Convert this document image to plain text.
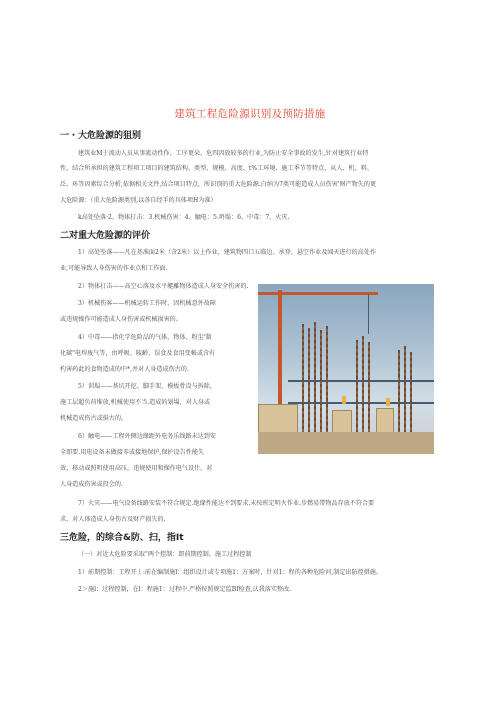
建筑工程危险源识别及预防措施
一・大危险源的狙别
建筑业M于流动人员从事流动性作、工序更朵、危四因放较多的行业,为防止安全事故的发生,针对建筑行业特
性，结合所承担的建筑工程项工项目的建筑结构、类型、规模、高度、t%工环境、施工季节等特点，从人、机、料、
泛、环等因素综合分析,依据相关文件,结合项目特点，所识别的重大危险源.白纳为7类可能造成人员伤害'财产物失的更
大危险源：（重大危险源类别,以各自经手的具体项H为准）
k高处坠落·2、物体打击：3.机械伤害：4、触电：5.坍塌：6、中毒：7、火灾.
二对重大危险源的评价
1）高处坠落——凡在基准面2米（含2米）以上作业，建筑物四口五临边、承登、悬空作业及闻天进行的高处作
业,可能导致人身伤害的作业点和工作面.
2）物体打击——高空心落及水平艇離物体造成人身安全伤害的.
3）机械伤客——机械运转工作时，因机械意外故障
或违规操作可能造成人身伤害或机械损害的。
4）中毒——指化学危险品的气体、物体、粉尘'制
化碳"电焊废气等，由呼吸、陵齢，误食及食用变帳或含有
杓害药此的食物造成的中*,并对人身造成伤古的.
5）训塌——基坑开挖、脚手架、模板骨设与拆除，
施工层超负荷堆放,机械使用不当.造成的划場，对人身或
机械造成伤古或損古的。
6）触电——工程外侧边缘距外电务乐线路未达到安
全即要.用电设备未做接零或接地保护,保护设告性能失
效，移动或照明使用高压，违规使用和操作电气设仕，对
人身造成伤害或投会的.
7）火灾——电气设备线路安装不符合规定.绝缘性能达不到要求.未按班定明火作业.步燃易带物品存放不符合要
求，对人体造成人身伤古及财产损失的.
三危险，的综合&防、扫，指It
（一）对近大危险要采取"两个控制：即前期控制、施工过程控制
1）前期控制：工程开丄:前在编制施l：组织设计或专项施1：方案时，针对1：程的各种危险河,制定出防控措施。
2＞施l：过程控制，在l：程施1：过程中.严格按照规定监Bf检查,认我落实整改.
